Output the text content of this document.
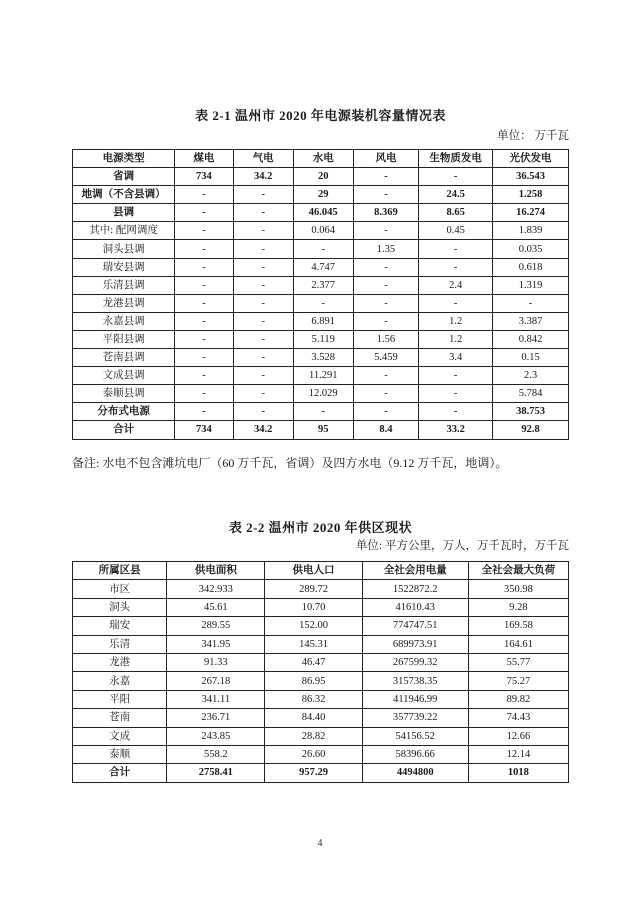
表 2-1 温州市 2020 年电源装机容量情况表
单位： 万千瓦
电源类型	煤电	气电	水电	风电	生物质发电	光伏发电
省调	734	34.2	20	-	-	36.543
地调（不含县调）	-	-	29	-	24.5	1.258
县调	-	-	46.045	8.369	8.65	16.274
其中: 配网调度	-	-	0.064	-	0.45	1.839
洞头县调	-	-	-	1.35	-	0.035
瑞安县调	-	-	4.747	-	-	0.618
乐清县调	-	-	2.377	-	2.4	1.319
龙港县调	-	-	-	-	-	-
永嘉县调	-	-	6.891	-	1.2	3.387
平阳县调	-	-	5.119	1.56	1.2	0.842
苍南县调	-	-	3.528	5.459	3.4	0.15
文成县调	-	-	11.291	-	-	2.3
泰顺县调	-	-	12.029	-	-	5.784
分布式电源	-	-	-	-	-	38.753
合计	734	34.2	95	8.4	33.2	92.8
备注: 水电不包含滩坑电厂（60 万千瓦，省调）及四方水电（9.12 万千瓦，地调）。
表 2-2 温州市 2020 年供区现状
单位: 平方公里，万人，万千瓦时，万千瓦
所属区县	供电面积	供电人口	全社会用电量	全社会最大负荷
市区	342.933	289.72	1522872.2	350.98
洞头	45.61	10.70	41610.43	9.28
瑞安	289.55	152.00	774747.51	169.58
乐清	341.95	145.31	689973.91	164.61
龙港	91.33	46.47	267599.32	55.77
永嘉	267.18	86.95	315738.35	75.27
平阳	341.11	86.32	411946.99	89.82
苍南	236.71	84.40	357739.22	74.43
文成	243.85	28.82	54156.52	12.66
泰顺	558.2	26.60	58396.66	12.14
合计	2758.41	957.29	4494800	1018
4
